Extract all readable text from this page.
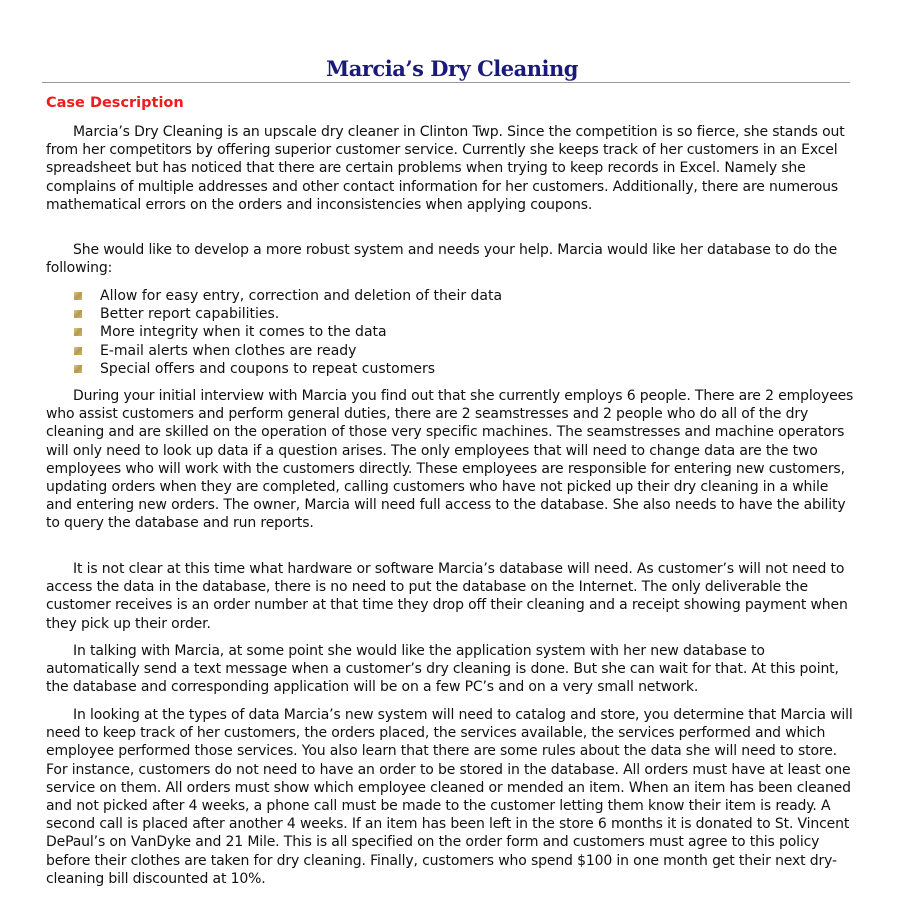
Marcia’s Dry Cleaning
Case Description

Marcia’s Dry Cleaning is an upscale dry cleaner in Clinton Twp. Since the competition is so fierce, she stands out from her competitors by offering superior customer service. Currently she keeps track of her customers in an Excel spreadsheet but has noticed that there are certain problems when trying to keep records in Excel. Namely she complains of multiple addresses and other contact information for her customers. Additionally, there are numerous mathematical errors on the orders and inconsistencies when applying coupons.

She would like to develop a more robust system and needs your help. Marcia would like her database to do the following:

Allow for easy entry, correction and deletion of their data
Better report capabilities.
More integrity when it comes to the data
E-mail alerts when clothes are ready
Special offers and coupons to repeat customers

During your initial interview with Marcia you find out that she currently employs 6 people. There are 2 employees who assist customers and perform general duties, there are 2 seamstresses and 2 people who do all of the dry cleaning and are skilled on the operation of those very specific machines. The seamstresses and machine operators will only need to look up data if a question arises. The only employees that will need to change data are the two employees who will work with the customers directly. These employees are responsible for entering new customers, updating orders when they are completed, calling customers who have not picked up their dry cleaning in a while and entering new orders. The owner, Marcia will need full access to the database. She also needs to have the ability to query the database and run reports.

It is not clear at this time what hardware or software Marcia’s database will need. As customer’s will not need to access the data in the database, there is no need to put the database on the Internet. The only deliverable the customer receives is an order number at that time they drop off their cleaning and a receipt showing payment when they pick up their order.

In talking with Marcia, at some point she would like the application system with her new database to automatically send a text message when a customer’s dry cleaning is done. But she can wait for that. At this point, the database and corresponding application will be on a few PC’s and on a very small network.

In looking at the types of data Marcia’s new system will need to catalog and store, you determine that Marcia will need to keep track of her customers, the orders placed, the services available, the services performed and which employee performed those services. You also learn that there are some rules about the data she will need to store. For instance, customers do not need to have an order to be stored in the database. All orders must have at least one service on them. All orders must show which employee cleaned or mended an item. When an item has been cleaned and not picked after 4 weeks, a phone call must be made to the customer letting them know their item is ready. A second call is placed after another 4 weeks. If an item has been left in the store 6 months it is donated to St. Vincent DePaul’s on VanDyke and 21 Mile. This is all specified on the order form and customers must agree to this policy before their clothes are taken for dry cleaning. Finally, customers who spend $100 in one month get their next dry-cleaning bill discounted at 10%.
